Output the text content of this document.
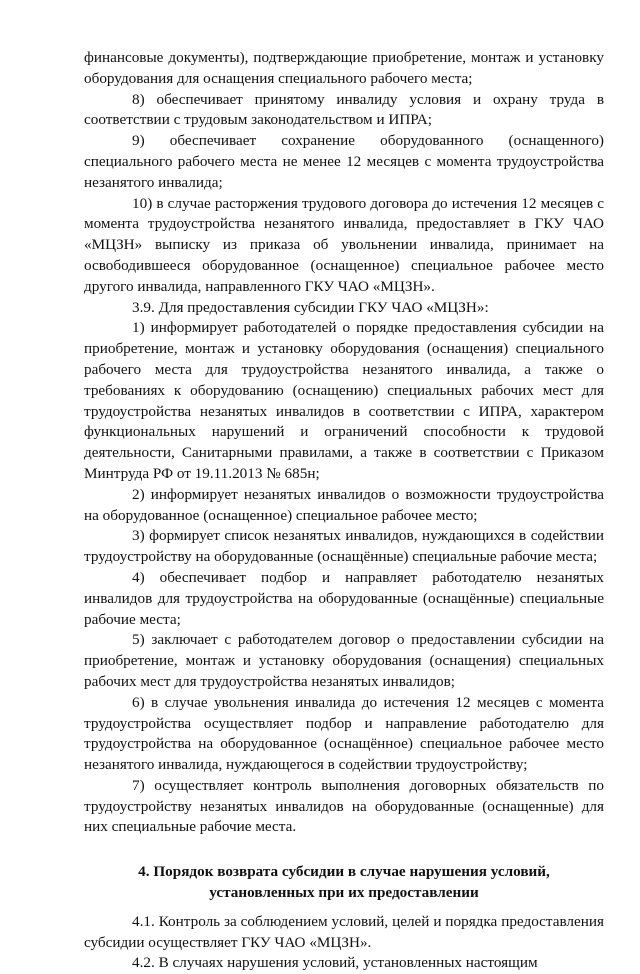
финансовые документы), подтверждающие приобретение, монтаж и установку оборудования для оснащения специального рабочего места;

8) обеспечивает принятому инвалиду условия и охрану труда в соответствии с трудовым законодательством и ИПРА;

9) обеспечивает сохранение оборудованного (оснащенного) специального рабочего места не менее 12 месяцев с момента трудоустройства незанятого инвалида;

10) в случае расторжения трудового договора до истечения 12 месяцев с момента трудоустройства незанятого инвалида, предоставляет в ГКУ ЧАО «МЦЗН» выписку из приказа об увольнении инвалида, принимает на освободившееся оборудованное (оснащенное) специальное рабочее место другого инвалида, направленного ГКУ ЧАО «МЦЗН».

3.9. Для предоставления субсидии ГКУ ЧАО «МЦЗН»:

1) информирует работодателей о порядке предоставления субсидии на приобретение, монтаж и установку оборудования (оснащения) специального рабочего места для трудоустройства незанятого инвалида, а также о требованиях к оборудованию (оснащению) специальных рабочих мест для трудоустройства незанятых инвалидов в соответствии с ИПРА, характером функциональных нарушений и ограничений способности к трудовой деятельности, Санитарными правилами, а также в соответствии с Приказом Минтруда РФ от 19.11.2013 № 685н;

2) информирует незанятых инвалидов о возможности трудоустройства на оборудованное (оснащенное) специальное рабочее место;

3) формирует список незанятых инвалидов, нуждающихся в содействии трудоустройству на оборудованные (оснащённые) специальные рабочие места;

4) обеспечивает подбор и направляет работодателю незанятых инвалидов для трудоустройства на оборудованные (оснащённые) специальные рабочие места;

5) заключает с работодателем договор о предоставлении субсидии на приобретение, монтаж и установку оборудования (оснащения) специальных рабочих мест для трудоустройства незанятых инвалидов;

6) в случае увольнения инвалида до истечения 12 месяцев с момента трудоустройства осуществляет подбор и направление работодателю для трудоустройства на оборудованное (оснащённое) специальное рабочее место незанятого инвалида, нуждающегося в содействии трудоустройству;

7) осуществляет контроль выполнения договорных обязательств по трудоустройству незанятых инвалидов на оборудованные (оснащенные) для них специальные рабочие места.

4. Порядок возврата субсидии в случае нарушения условий,
установленных при их предоставлении

4.1. Контроль за соблюдением условий, целей и порядка предоставления субсидии осуществляет ГКУ ЧАО «МЦЗН».

4.2. В случаях нарушения условий, установленных настоящим
